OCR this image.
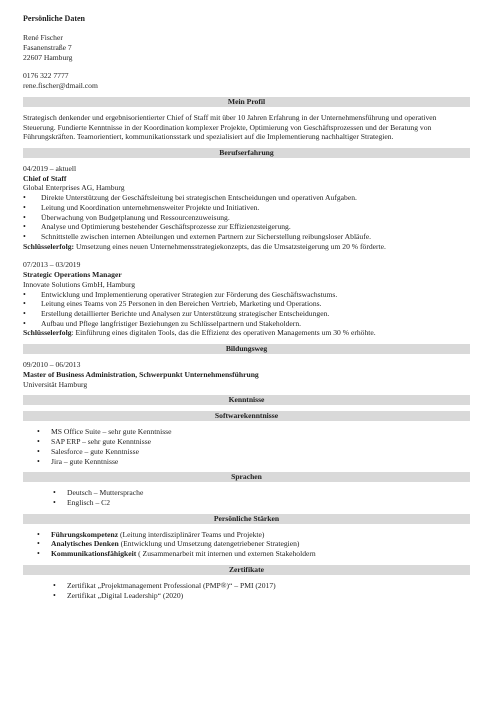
Persönliche Daten
René Fischer
Fasanenstraße 7
22607 Hamburg
0176 322 7777
rene.fischer@dmail.com
Mein Profil
Strategisch denkender und ergebnisorientierter Chief of Staff mit über 10 Jahren Erfahrung in der Unternehmensführung und operativen Steuerung. Fundierte Kenntnisse in der Koordination komplexer Projekte, Optimierung von Geschäftsprozessen und der Beratung von Führungskräften. Teamorientiert, kommunikationsstark und spezialisiert auf die Implementierung nachhaltiger Strategien.
Berufserfahrung
04/2019 – aktuell
Chief of Staff
Global Enterprises AG, Hamburg
• Direkte Unterstützung der Geschäftsleitung bei strategischen Entscheidungen und operativen Aufgaben.
• Leitung und Koordination unternehmensweiter Projekte und Initiativen.
• Überwachung von Budgetplanung und Ressourcenzuweisung.
• Analyse und Optimierung bestehender Geschäftsprozesse zur Effizienzsteigerung.
• Schnittstelle zwischen internen Abteilungen und externen Partnern zur Sicherstellung reibungsloser Abläufe.
Schlüsselerfolg: Umsetzung eines neuen Unternehmensstrategiekonzepts, das die Umsatzsteigerung um 20 % förderte.
07/2013 – 03/2019
Strategic Operations Manager
Innovate Solutions GmbH, Hamburg
• Entwicklung und Implementierung operativer Strategien zur Förderung des Geschäftswachstums.
• Leitung eines Teams von 25 Personen in den Bereichen Vertrieb, Marketing und Operations.
• Erstellung detaillierter Berichte und Analysen zur Unterstützung strategischer Entscheidungen.
• Aufbau und Pflege langfristiger Beziehungen zu Schlüsselpartnern und Stakeholdern.
Schlüsselerfolg: Einführung eines digitalen Tools, das die Effizienz des operativen Managements um 30 % erhöhte.
Bildungsweg
09/2010 – 06/2013
Master of Business Administration, Schwerpunkt Unternehmensführung
Universität Hamburg
Kenntnisse
Softwarekenntnisse
• MS Office Suite – sehr gute Kenntnisse
• SAP ERP – sehr gute Kenntnisse
• Salesforce – gute Kenntnisse
• Jira – gute Kenntnisse
Sprachen
• Deutsch – Muttersprache
• Englisch – C2
Persönliche Stärken
• Führungskompetenz (Leitung interdisziplinärer Teams und Projekte)
• Analytisches Denken (Entwicklung und Umsetzung datengetriebener Strategien)
• Kommunikationsfähigkeit ( Zusammenarbeit mit internen und externen Stakeholdern
Zertifikate
• Zertifikat „Projektmanagement Professional (PMP®)“ – PMI (2017)
• Zertifikat „Digital Leadership“ (2020)
